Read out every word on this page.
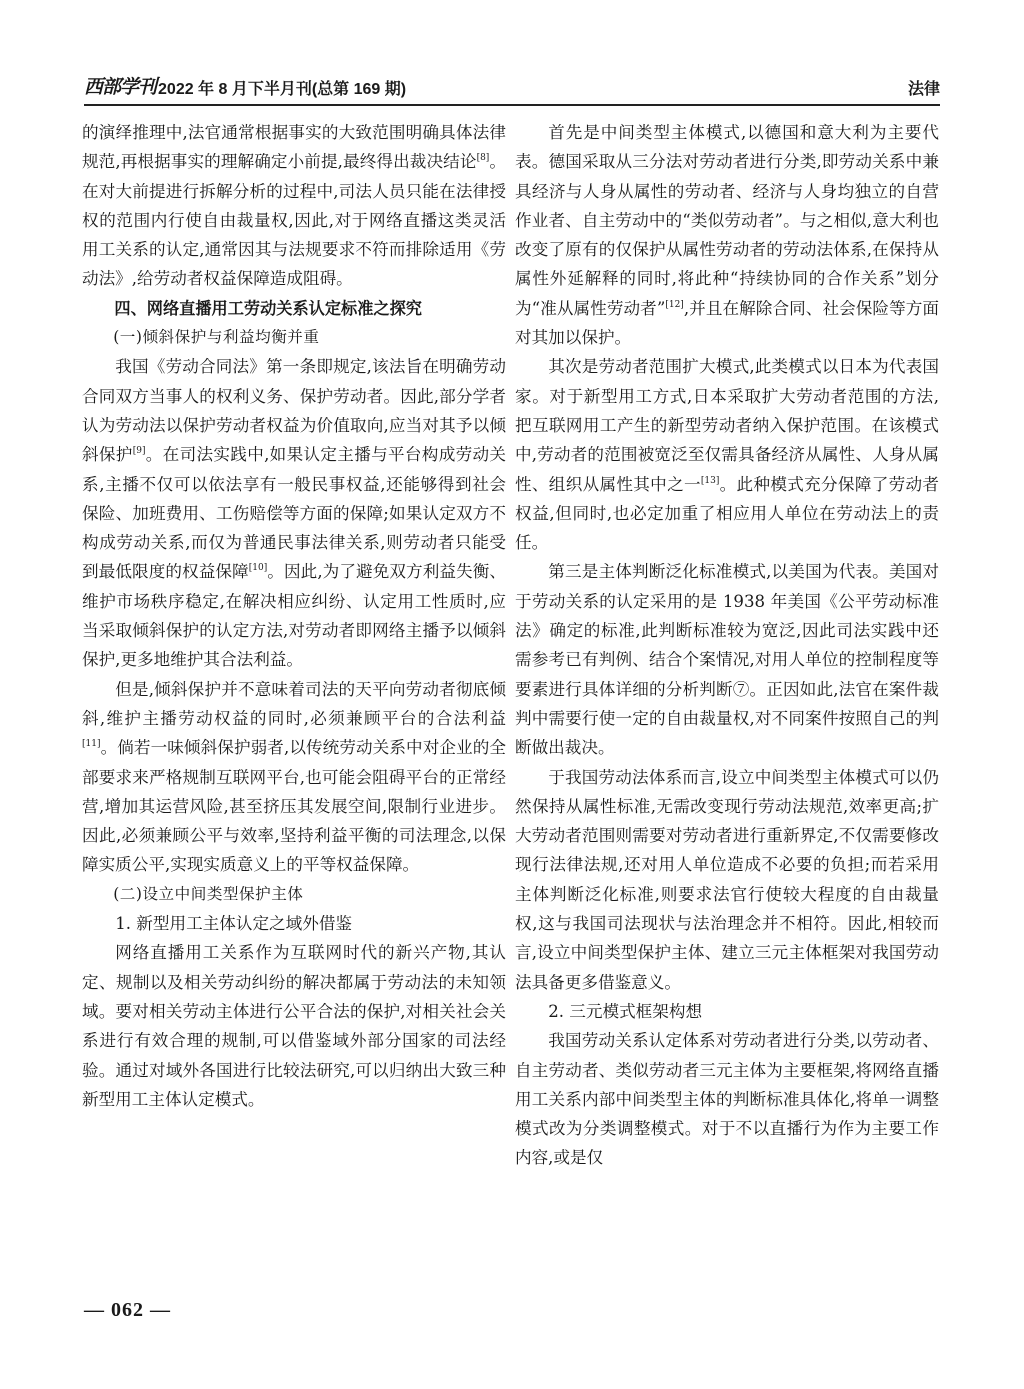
西部学刊 2022 年 8 月下半月刊(总第 169 期)	法律

的演绎推理中,法官通常根据事实的大致范围明确具体法律规范,再根据事实的理解确定小前提,最终得出裁决结论[8]。在对大前提进行拆解分析的过程中,司法人员只能在法律授权的范围内行使自由裁量权,因此,对于网络直播这类灵活用工关系的认定,通常因其与法规要求不符而排除适用《劳动法》,给劳动者权益保障造成阻碍。

四、网络直播用工劳动关系认定标准之探究

(一)倾斜保护与利益均衡并重

我国《劳动合同法》第一条即规定,该法旨在明确劳动合同双方当事人的权利义务、保护劳动者。因此,部分学者认为劳动法以保护劳动者权益为价值取向,应当对其予以倾斜保护[9]。在司法实践中,如果认定主播与平台构成劳动关系,主播不仅可以依法享有一般民事权益,还能够得到社会保险、加班费用、工伤赔偿等方面的保障;如果认定双方不构成劳动关系,而仅为普通民事法律关系,则劳动者只能受到最低限度的权益保障[10]。因此,为了避免双方利益失衡、维护市场秩序稳定,在解决相应纠纷、认定用工性质时,应当采取倾斜保护的认定方法,对劳动者即网络主播予以倾斜保护,更多地维护其合法利益。

但是,倾斜保护并不意味着司法的天平向劳动者彻底倾斜,维护主播劳动权益的同时,必须兼顾平台的合法利益[11]。倘若一味倾斜保护弱者,以传统劳动关系中对企业的全部要求来严格规制互联网平台,也可能会阻碍平台的正常经营,增加其运营风险,甚至挤压其发展空间,限制行业进步。因此,必须兼顾公平与效率,坚持利益平衡的司法理念,以保障实质公平,实现实质意义上的平等权益保障。

(二)设立中间类型保护主体

1. 新型用工主体认定之域外借鉴

网络直播用工关系作为互联网时代的新兴产物,其认定、规制以及相关劳动纠纷的解决都属于劳动法的未知领域。要对相关劳动主体进行公平合法的保护,对相关社会关系进行有效合理的规制,可以借鉴域外部分国家的司法经验。通过对域外各国进行比较法研究,可以归纳出大致三种新型用工主体认定模式。

首先是中间类型主体模式,以德国和意大利为主要代表。德国采取从三分法对劳动者进行分类,即劳动关系中兼具经济与人身从属性的劳动者、经济与人身均独立的自营作业者、自主劳动中的“类似劳动者”。与之相似,意大利也改变了原有的仅保护从属性劳动者的劳动法体系,在保持从属性外延解释的同时,将此种“持续协同的合作关系”划分为“准从属性劳动者”[12],并且在解除合同、社会保险等方面对其加以保护。

其次是劳动者范围扩大模式,此类模式以日本为代表国家。对于新型用工方式,日本采取扩大劳动者范围的方法,把互联网用工产生的新型劳动者纳入保护范围。在该模式中,劳动者的范围被宽泛至仅需具备经济从属性、人身从属性、组织从属性其中之一[13]。此种模式充分保障了劳动者权益,但同时,也必定加重了相应用人单位在劳动法上的责任。

第三是主体判断泛化标准模式,以美国为代表。美国对于劳动关系的认定采用的是 1938 年美国《公平劳动标准法》确定的标准,此判断标准较为宽泛,因此司法实践中还需参考已有判例、结合个案情况,对用人单位的控制程度等要素进行具体详细的分析判断⑦。正因如此,法官在案件裁判中需要行使一定的自由裁量权,对不同案件按照自己的判断做出裁决。

于我国劳动法体系而言,设立中间类型主体模式可以仍然保持从属性标准,无需改变现行劳动法规范,效率更高;扩大劳动者范围则需要对劳动者进行重新界定,不仅需要修改现行法律法规,还对用人单位造成不必要的负担;而若采用主体判断泛化标准,则要求法官行使较大程度的自由裁量权,这与我国司法现状与法治理念并不相符。因此,相较而言,设立中间类型保护主体、建立三元主体框架对我国劳动法具备更多借鉴意义。

2. 三元模式框架构想

我国劳动关系认定体系对劳动者进行分类,以劳动者、自主劳动者、类似劳动者三元主体为主要框架,将网络直播用工关系内部中间类型主体的判断标准具体化,将单一调整模式改为分类调整模式。对于不以直播行为作为主要工作内容,或是仅

— 062 —
